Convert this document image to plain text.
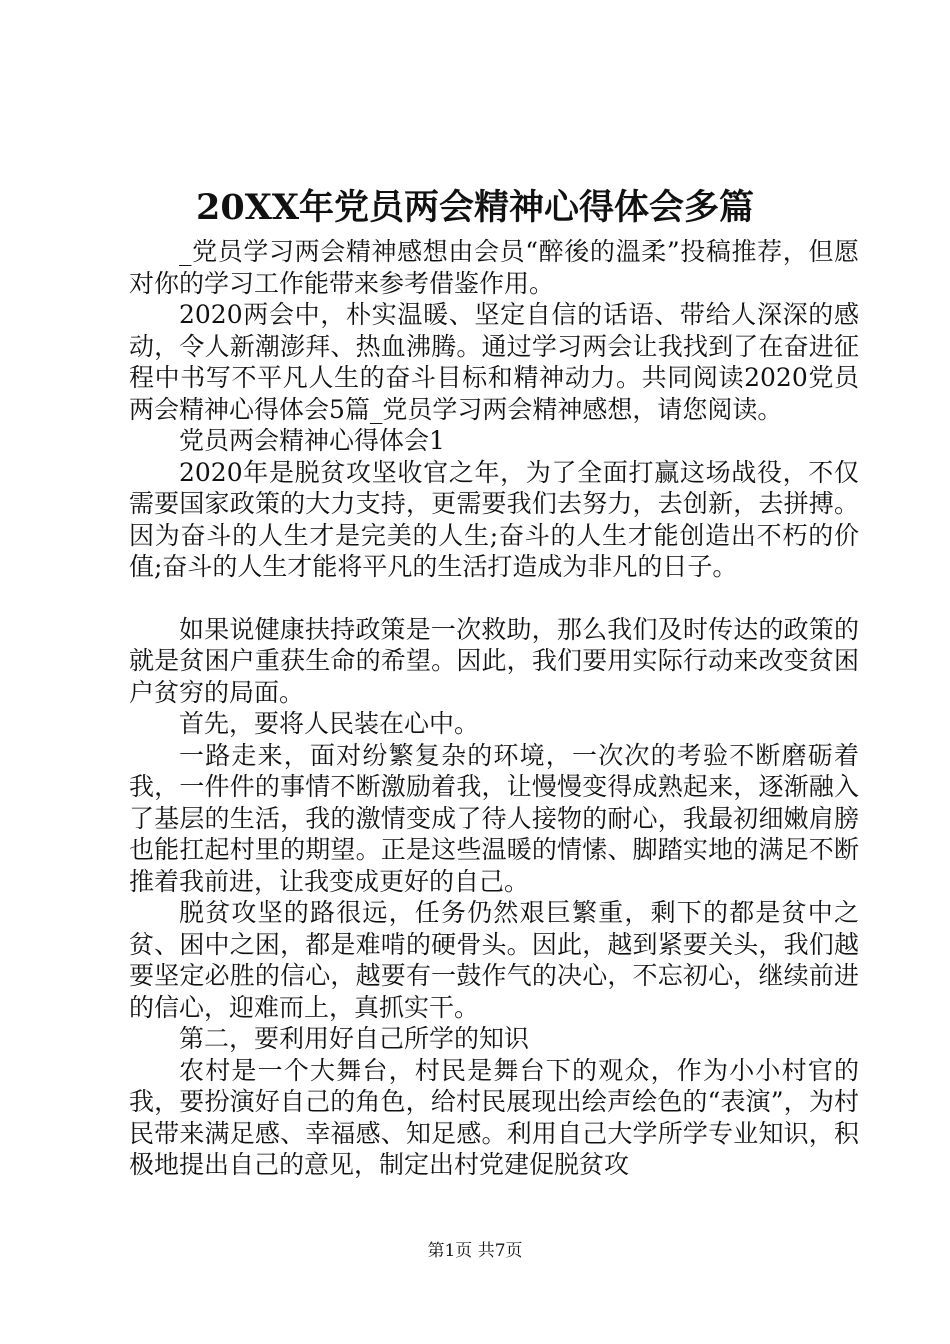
20XX年党员两会精神心得体会多篇

_党员学习两会精神感想由会员“醉後的溫柔”投稿推荐，但愿对你的学习工作能带来参考借鉴作用。

2020两会中，朴实温暖、坚定自信的话语、带给人深深的感动，令人新潮澎拜、热血沸腾。通过学习两会让我找到了在奋进征程中书写不平凡人生的奋斗目标和精神动力。共同阅读2020党员两会精神心得体会5篇_党员学习两会精神感想，请您阅读。

党员两会精神心得体会1

2020年是脱贫攻坚收官之年，为了全面打赢这场战役，不仅需要国家政策的大力支持，更需要我们去努力，去创新，去拼搏。因为奋斗的人生才是完美的人生;奋斗的人生才能创造出不朽的价值;奋斗的人生才能将平凡的生活打造成为非凡的日子。

如果说健康扶持政策是一次救助，那么我们及时传达的政策的就是贫困户重获生命的希望。因此，我们要用实际行动来改变贫困户贫穷的局面。

首先，要将人民装在心中。

一路走来，面对纷繁复杂的环境，一次次的考验不断磨砺着我，一件件的事情不断激励着我，让慢慢变得成熟起来，逐渐融入了基层的生活，我的激情变成了待人接物的耐心，我最初细嫩肩膀也能扛起村里的期望。正是这些温暖的情愫、脚踏实地的满足不断推着我前进，让我变成更好的自己。

脱贫攻坚的路很远，任务仍然艰巨繁重，剩下的都是贫中之贫、困中之困，都是难啃的硬骨头。因此，越到紧要关头，我们越要坚定必胜的信心，越要有一鼓作气的决心，不忘初心，继续前进的信心，迎难而上，真抓实干。

第二，要利用好自己所学的知识

农村是一个大舞台，村民是舞台下的观众，作为小小村官的我，要扮演好自己的角色，给村民展现出绘声绘色的“表演”，为村民带来满足感、幸福感、知足感。利用自己大学所学专业知识，积极地提出自己的意见，制定出村党建促脱贫攻

第1页 共7页
